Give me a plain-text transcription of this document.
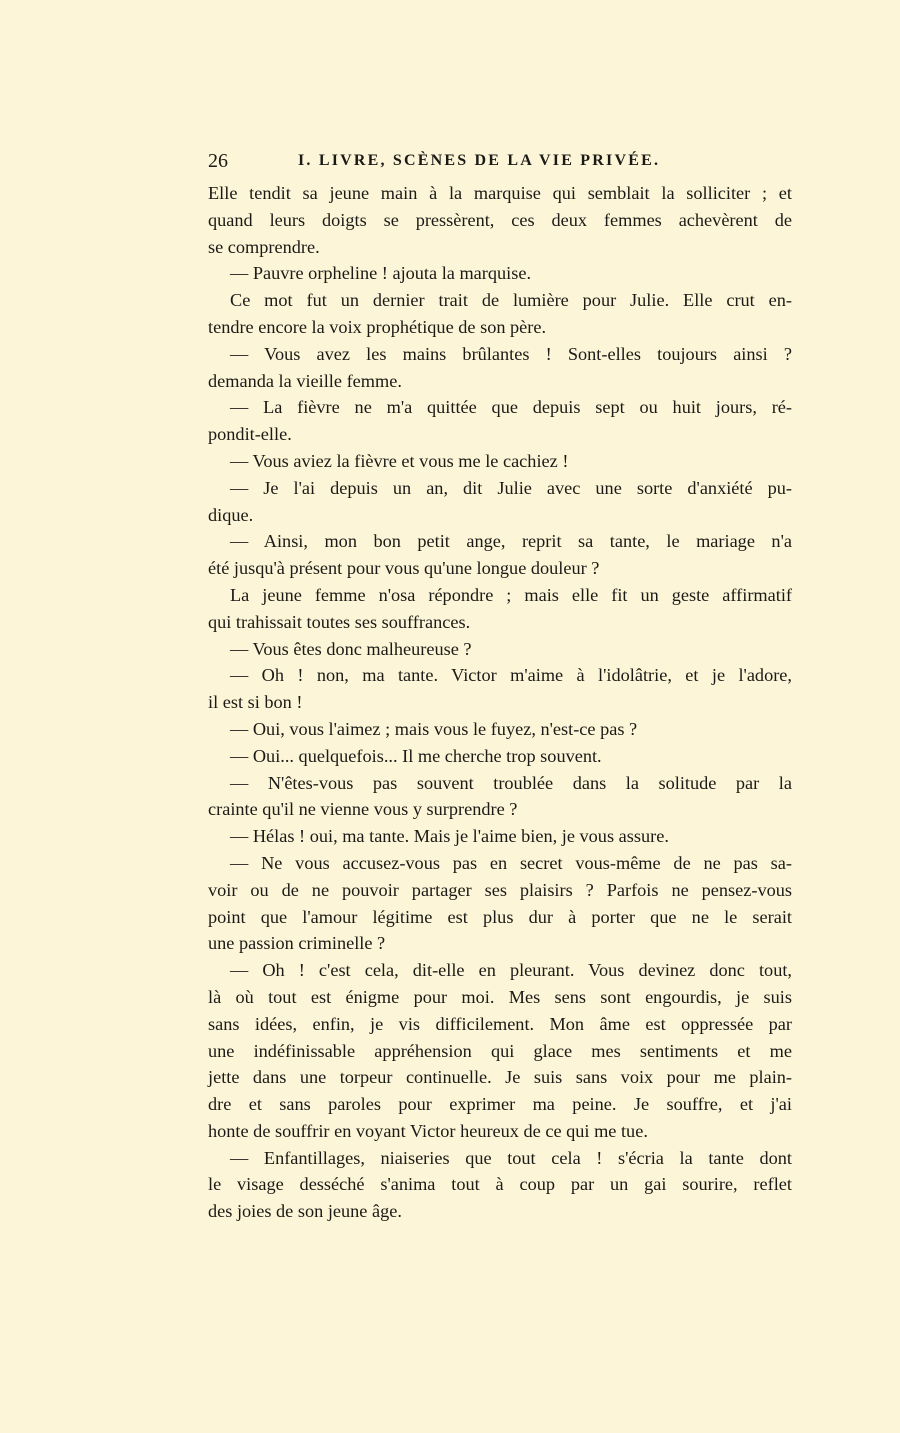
26	I. LIVRE, SCÈNES DE LA VIE PRIVÉE.
Elle tendit sa jeune main à la marquise qui semblait la solliciter ; et
quand leurs doigts se pressèrent, ces deux femmes achevèrent de
se comprendre.
— Pauvre orpheline ! ajouta la marquise.
Ce mot fut un dernier trait de lumière pour Julie. Elle crut en-
tendre encore la voix prophétique de son père.
— Vous avez les mains brûlantes ! Sont-elles toujours ainsi ?
demanda la vieille femme.
— La fièvre ne m'a quittée que depuis sept ou huit jours, ré-
pondit-elle.
— Vous aviez la fièvre et vous me le cachiez !
— Je l'ai depuis un an, dit Julie avec une sorte d'anxiété pu-
dique.
— Ainsi, mon bon petit ange, reprit sa tante, le mariage n'a
été jusqu'à présent pour vous qu'une longue douleur ?
La jeune femme n'osa répondre ; mais elle fit un geste affirmatif
qui trahissait toutes ses souffrances.
— Vous êtes donc malheureuse ?
— Oh ! non, ma tante. Victor m'aime à l'idolâtrie, et je l'adore,
il est si bon !
— Oui, vous l'aimez ; mais vous le fuyez, n'est-ce pas ?
— Oui... quelquefois... Il me cherche trop souvent.
— N'êtes-vous pas souvent troublée dans la solitude par la
crainte qu'il ne vienne vous y surprendre ?
— Hélas ! oui, ma tante. Mais je l'aime bien, je vous assure.
— Ne vous accusez-vous pas en secret vous-même de ne pas sa-
voir ou de ne pouvoir partager ses plaisirs ? Parfois ne pensez-vous
point que l'amour légitime est plus dur à porter que ne le serait
une passion criminelle ?
— Oh ! c'est cela, dit-elle en pleurant. Vous devinez donc tout,
là où tout est énigme pour moi. Mes sens sont engourdis, je suis
sans idées, enfin, je vis difficilement. Mon âme est oppressée par
une indéfinissable appréhension qui glace mes sentiments et me
jette dans une torpeur continuelle. Je suis sans voix pour me plain-
dre et sans paroles pour exprimer ma peine. Je souffre, et j'ai
honte de souffrir en voyant Victor heureux de ce qui me tue.
— Enfantillages, niaiseries que tout cela ! s'écria la tante dont
le visage desséché s'anima tout à coup par un gai sourire, reflet
des joies de son jeune âge.
